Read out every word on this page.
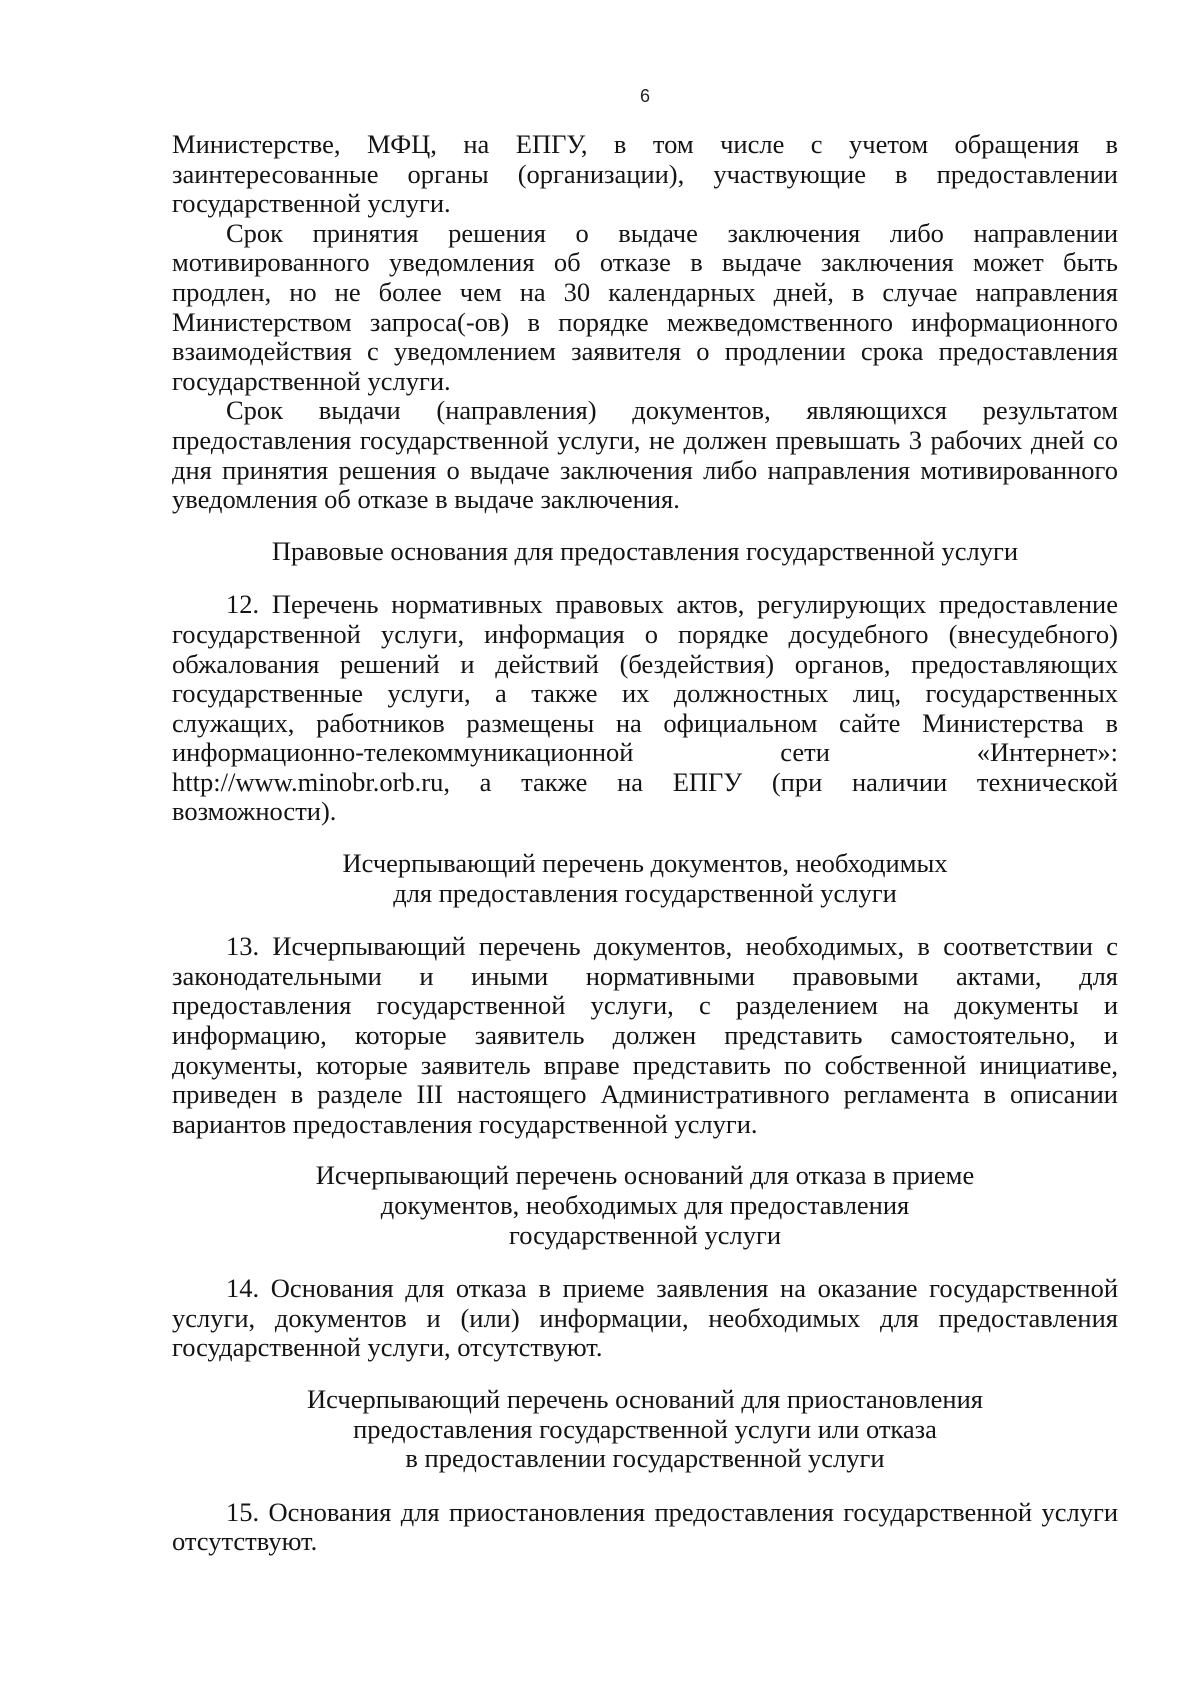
6

Министерстве, МФЦ, на ЕПГУ, в том числе с учетом обращения в заинтересованные органы (организации), участвующие в предоставлении государственной услуги.

Срок принятия решения о выдаче заключения либо направлении мотивированного уведомления об отказе в выдаче заключения может быть продлен, но не более чем на 30 календарных дней, в случае направления Министерством запроса(-ов) в порядке межведомственного информационного взаимодействия с уведомлением заявителя о продлении срока предоставления государственной услуги.

Срок выдачи (направления) документов, являющихся результатом предоставления государственной услуги, не должен превышать 3 рабочих дней со дня принятия решения о выдаче заключения либо направления мотивированного уведомления об отказе в выдаче заключения.

Правовые основания для предоставления государственной услуги

12. Перечень нормативных правовых актов, регулирующих предоставление государственной услуги, информация о порядке досудебного (внесудебного) обжалования решений и действий (бездействия) органов, предоставляющих государственные услуги, а также их должностных лиц, государственных служащих, работников размещены на официальном сайте Министерства в информационно-телекоммуникационной сети «Интернет»: http://www.minobr.orb.ru, а также на ЕПГУ (при наличии технической возможности).

Исчерпывающий перечень документов, необходимых
для предоставления государственной услуги

13. Исчерпывающий перечень документов, необходимых, в соответствии с законодательными и иными нормативными правовыми актами, для предоставления государственной услуги, с разделением на документы и информацию, которые заявитель должен представить самостоятельно, и документы, которые заявитель вправе представить по собственной инициативе, приведен в разделе III настоящего Административного регламента в описании вариантов предоставления государственной услуги.

Исчерпывающий перечень оснований для отказа в приеме
документов, необходимых для предоставления
государственной услуги

14. Основания для отказа в приеме заявления на оказание государственной услуги, документов и (или) информации, необходимых для предоставления государственной услуги, отсутствуют.

Исчерпывающий перечень оснований для приостановления
предоставления государственной услуги или отказа
в предоставлении государственной услуги

15. Основания для приостановления предоставления государственной услуги отсутствуют.
